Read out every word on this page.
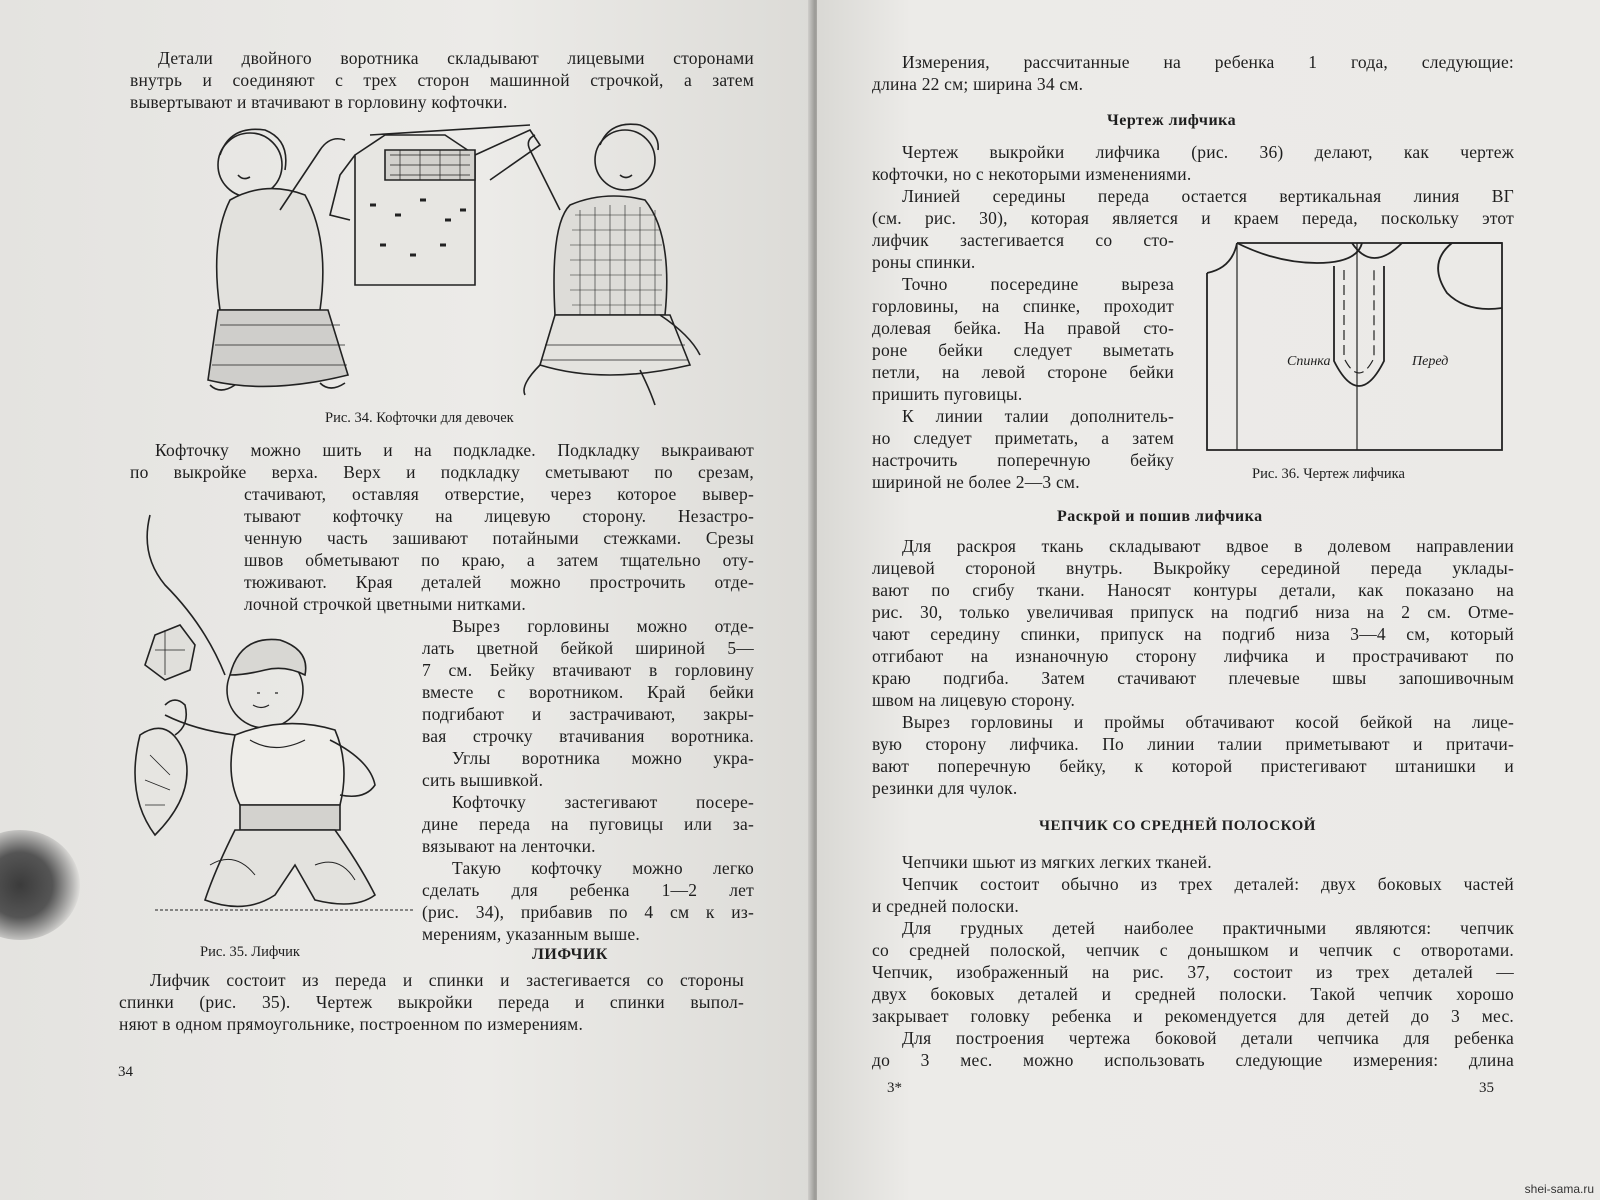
Детали двойного воротника складывают лицевыми сторонами
внутрь и соединяют с трех сторон машинной строчкой, а затем
вывертывают и втачивают в горловину кофточки.
Рис. 34. Кофточки для девочек
Кофточку можно шить и на подкладке. Подкладку выкраивают
по выкройке верха. Верх и подкладку сметывают по срезам,
стачивают, оставляя отверстие, через которое вывер-
тывают кофточку на лицевую сторону. Незастро-
ченную часть зашивают потайными стежками. Срезы
швов обметывают по краю, а затем тщательно оту-
тюживают. Края деталей можно прострочить отде-
лочной строчкой цветными нитками.
Вырез горловины можно отде-
лать цветной бейкой шириной 5—
7 см. Бейку втачивают в горловину
вместе с воротником. Край бейки
подгибают и застрачивают, закры-
вая строчку втачивания воротника.
Углы воротника можно укра-
сить вышивкой.
Кофточку застегивают посере-
дине переда на пуговицы или за-
вязывают на ленточки.
Такую кофточку можно легко
сделать для ребенка 1—2 лет
(рис. 34), прибавив по 4 см к из-
мерениям, указанным выше.
Рис. 35. Лифчик	ЛИФЧИК
Лифчик состоит из переда и спинки и застегивается со стороны
спинки (рис. 35). Чертеж выкройки переда и спинки выпол-
няют в одном прямоугольнике, построенном по измерениям.
34
Измерения, рассчитанные на ребенка 1 года, следующие:
длина 22 см; ширина 34 см.
Чертеж лифчика
Чертеж выкройки лифчика (рис. 36) делают, как чертеж
кофточки, но с некоторыми изменениями.
Линией середины переда остается вертикальная линия ВГ
(см. рис. 30), которая является и краем переда, поскольку этот
лифчик застегивается со сто-
роны спинки.
Точно посередине выреза
горловины, на спинке, проходит
долевая бейка. На правой сто-
роне бейки следует выметать
петли, на левой стороне бейки
пришить пуговицы.
К линии талии дополнитель-
но следует приметать, а затем
настрочить поперечную бейку
шириной не более 2—3 см.
Спинка	Перед
Рис. 36. Чертеж лифчика
Раскрой и пошив лифчика
Для раскроя ткань складывают вдвое в долевом направлении
лицевой стороной внутрь. Выкройку серединой переда уклады-
вают по сгибу ткани. Наносят контуры детали, как показано на
рис. 30, только увеличивая припуск на подгиб низа на 2 см. Отме-
чают середину спинки, припуск на подгиб низа 3—4 см, который
отгибают на изнаночную сторону лифчика и прострачивают по
краю подгиба. Затем стачивают плечевые швы запошивочным
швом на лицевую сторону.
Вырез горловины и проймы обтачивают косой бейкой на лице-
вую сторону лифчика. По линии талии приметывают и притачи-
вают поперечную бейку, к которой пристегивают штанишки и
резинки для чулок.
ЧЕПЧИК СО СРЕДНЕЙ ПОЛОСКОЙ
Чепчики шьют из мягких легких тканей.
Чепчик состоит обычно из трех деталей: двух боковых частей
и средней полоски.
Для грудных детей наиболее практичными являются: чепчик
со средней полоской, чепчик с донышком и чепчик с отворотами.
Чепчик, изображенный на рис. 37, состоит из трех деталей —
двух боковых деталей и средней полоски. Такой чепчик хорошо
закрывает головку ребенка и рекомендуется для детей до 3 мес.
Для построения чертежа боковой детали чепчика для ребенка
до 3 мес. можно использовать следующие измерения: длина
3*	35
shei-sama.ru
